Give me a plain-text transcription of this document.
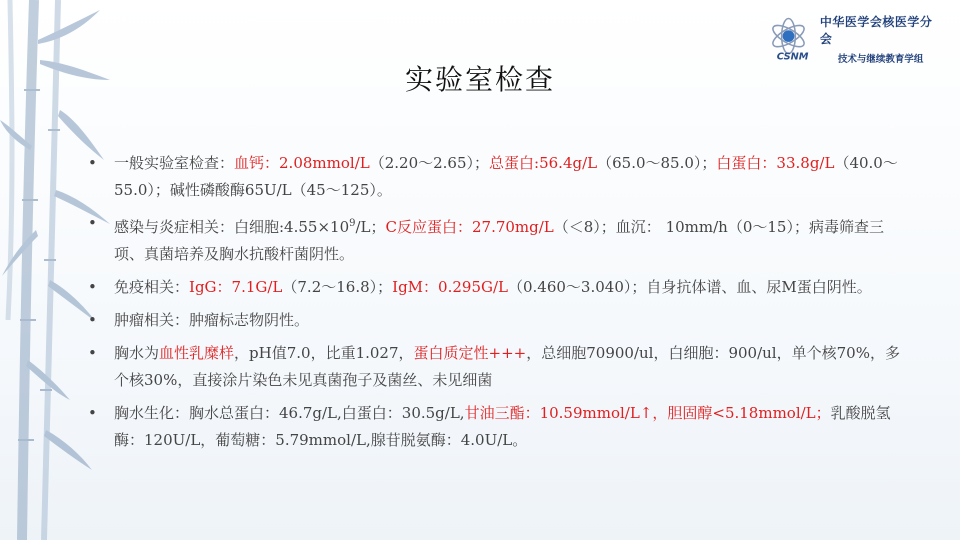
CSNM
中华医学会核医学分会
技术与继续教育学组
实验室检查
• 一般实验室检查：血钙：2.08mmol/L（2.20～2.65）；总蛋白:56.4g/L（65.0～85.0）；白蛋白：33.8g/L（40.0～55.0）；碱性磷酸酶65U/L（45～125）。
• 感染与炎症相关：白细胞$:4.55\times 10^9/L$；C反应蛋白：27.70mg/L（＜8）；血沉： 10mm/h（0～15）；病毒筛查三项、真菌培养及胸水抗酸杆菌阴性。
• 免疫相关：IgG：7.1G/L（7.2～16.8）；IgM：0.295G/L（0.460～3.040）；自身抗体谱、血、尿M蛋白阴性。
• 肿瘤相关：肿瘤标志物阴性。
• 胸水为血性乳糜样，pH值7.0，比重1.027，蛋白质定性+++，总细胞70900/ul，白细胞：900/ul，单个核70%，多个核30%，直接涂片染色未见真菌孢子及菌丝、未见细菌
• 胸水生化：胸水总蛋白：46.7g/L,白蛋白：30.5g/L,甘油三酯：10.59mmol/L↑，胆固醇<5.18mmol/L；乳酸脱氢酶：120U/L，葡萄糖：5.79mmol/L,腺苷脱氨酶：4.0U/L。
